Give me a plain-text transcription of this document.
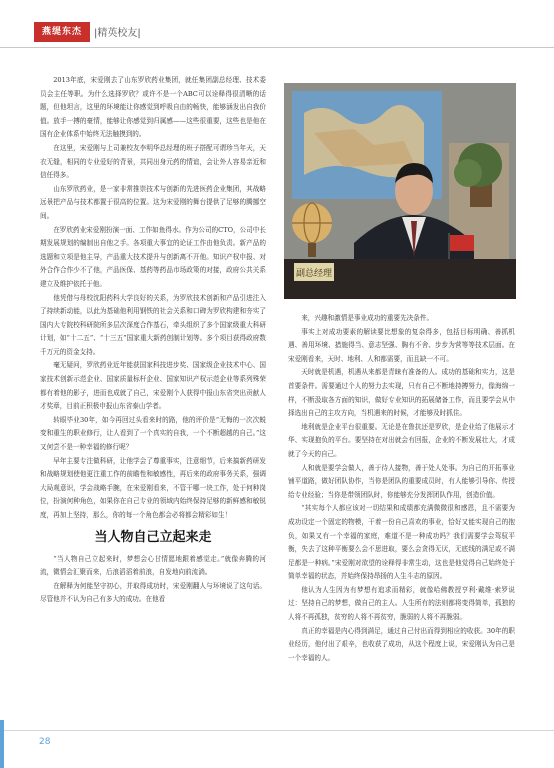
燕缇东杰	|精英校友|

2013年底，宋爱刚去了山东罗欣药业集团，就任集团副总经理、技术委员会主任等职。为什么选择罗欣？或许不是一个ABC可以诠释得很清晰的话题，但他坦言，这里的环境能让你感觉到呼吸自由的畅快，能够涵发出自我价值。放手一搏的豪情，能够让你感觉到归属感——这些很重要，这些也是他在国有企业体系中始终无法触摸到的。

在这里，宋爱刚与上司兼校友李明华总经理的班子搭配可谓珍当年天，天衣无缝，相同的专业爱好的背景，共同出身元药的情谊，会让外人容易亲近和信任得多。

山东罗欣药业，是一家非常推崇技术与创新的先进医药企业集团，其战略远景把产品与技术都置于很高的位置。这为宋爱刚的舞台提供了足够的腾挪空间。

在罗欣药业宋爱刚扮演一面、工作如鱼得水。作为公司的CTO，公司中长期发展规划的编制出自他之手。各项重大事宜的论证工作由他负责。新产品的选题和立项是他主导，产品重大技术提升与创新离不开他。知识产权申报、对外合作合作少不了他，产品医保、基药等药品市场政策的对接，政府公共关系建立及维护依托于他。

他凭借与母校沈阳药科大学良好的关系，为罗欣技术创新和产品引进注入了持续新动能，以此为基础他利用钢铁的社会关系和口碑为罗欣构建和夯实了国内大专院校科研院所多层次深度合作基石，牵头组织了多个国家级重大科研计划，如“十二五”、“十三五”国家重大新药创制计划等。多个项目获得政府数千万元的资金支持。

毫无疑问，罗欣药业近年能获国家科技进步奖、国家级企业技术中心、国家技术创新示范企业、国家质量标杆企业、国家知识产权示范企业等系列殊荣都有着他的影子，进而也成就了自己，宋爱刚个人获得中报山东省突出贡献人才奖章，目前正积极申报山东省泰山学者。

转眼毕业30年，如今再回过头看来时的路，他的评价是“无悔的一次次蜕变和重生的职业修行，让人看到了一个真实的自我，一个不断超越的自己。”这又何尝不是一种幸福的修行呢？

早年主要专注做科研，让他学会了尊重事实，注意细节，后来搞新药研发和战略规划使他更注重工作的前瞻性和敏感性，再后来的政府事务关系，强调大局观意识，学会战略手腕，在宋爱刚看来，不管干哪一块工作，处于何种岗位，扮演何种角色，如果你在自己专业的领域内始终保持足够的新鲜感和敏锐度，再加上坚持，那么，你的每一个角色都会必将都会精彩如生！

当人物自己立起来走

“当人物自己立起来时，梦想会心甘情愿地跟着感觉走。”就像奔腾的河流，微情会汇聚而来，后浪滔滔着前浪，自发地向前流淌。

在解释为何能坚守初心，并取得成功时，宋爱刚翻人与环境说了这句话。尽管他并不认为自己有多大的成功。在他看

副总经理

来，兴趣和激情是事业成功的重要先决条件。

事实上对成功要素的解读要比想象的复杂得多，包括目标明确、善抓机遇、善用环境、措施得当、意志坚强、胸有不舍、步步为营等等技术层面。在宋爱刚看来，天时、地利、人和都需要，而且缺一不可。

天时就是机遇，机遇从来都是青睐有准备的人。成功的基础和实力，这是首要条件。需要通过个人的努力去实现，只有自己不断地持搏努力，像海绵一样，不断汲取各方面的知识，做好专业知识的拓展储备工作，而且要学会从中择选出自己的主攻方向，当机遇来的时候，才能够及时抓住。

地利就是企业平台很重要。无论是在鲁抗还是罗欣，是企业给了他展示才华、实现抱负的平台。要坚持在对出就会有回报，企业的不断发展壮大，才成就了今天的自己。

人和就是要学会做人，善于待人接物，善于处人处事。为自己的开拓事业铺平道路，做好团队协作，当你是团队的重要成员时，有人能够引导你、传授给专业经验；当你是带领团队时，你能够充分发挥团队作用，创造价值。

“其实每个人都应该对一切结果和成绩都充满微微很和感恩，且不需要为成功设定一个固定的物模，干着一份自己喜欢的事业，恰好又能实现自己的抱负，如果又有一个幸福的家庭，难道不是一种成功吗？我们需要学会驾驭平衡，失去了这种平衡要么会不思进取，要么会贪得无厌，无底线的满足或不满足都是一种病。”宋爱刚对欲望的诠释得非常生动，这也是他觉得自己始终处于简单幸福的状态，并始终保持昂扬的人生斗志的原因。

他认为人生因为有梦想有追求而精彩，就像哈佛教授亨利·戴维·索罗说过：坚持自己的梦想，做自己的主人。人生所有的法则都将变得简单，孤独的人将不再孤独，贫穷的人将不再贫穷，脆弱的人将不再脆弱。

真正的幸福是内心得到满足，通过自己付出而得到相应的收获。30年的职业经历，他付出了艰辛，也收获了成功，从这个程度上说，宋爱刚认为自己是一个幸福的人。

28
